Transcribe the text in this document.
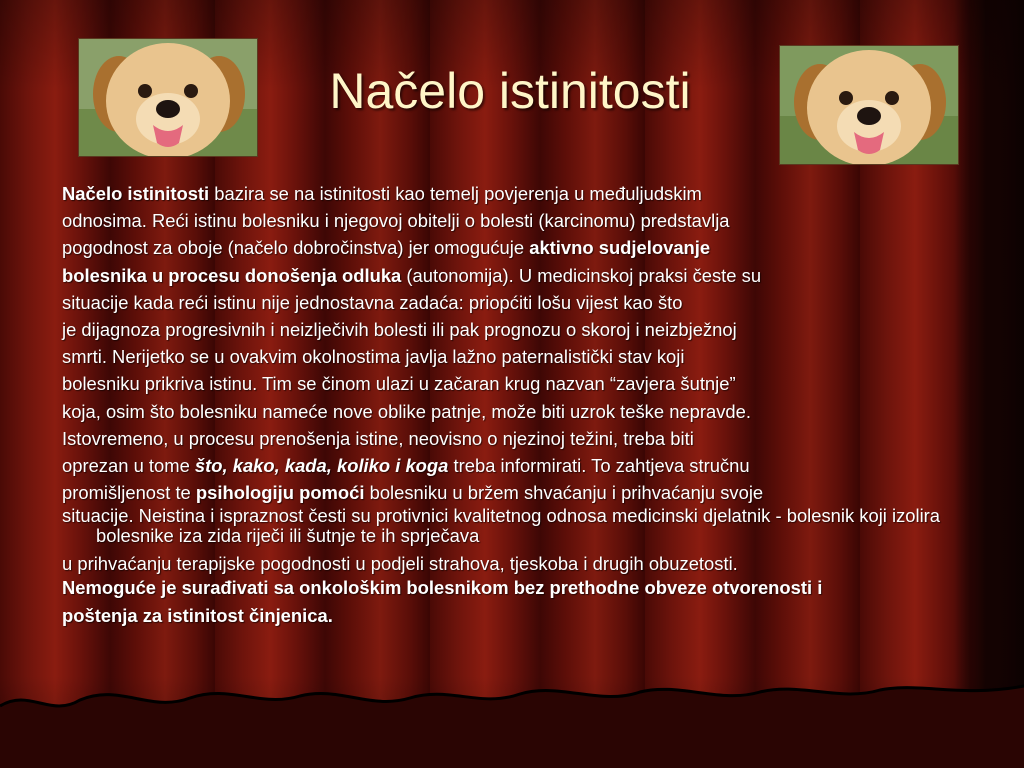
Načelo istinitosti

Načelo istinitosti bazira se na istinitosti kao temelj povjerenja u međuljudskim

odnosima. Reći istinu bolesniku i njegovoj obitelji o bolesti (karcinomu) predstavlja

pogodnost za oboje (načelo dobročinstva) jer omogućuje aktivno sudjelovanje

bolesnika u procesu donošenja odluka (autonomija). U medicinskoj praksi česte su

situacije kada reći istinu nije jednostavna zadaća: priopćiti lošu vijest kao što

je dijagnoza progresivnih i neizlječivih bolesti ili pak prognozu o skoroj i neizbježnoj

smrti. Nerijetko se u ovakvim okolnostima javlja lažno paternalistički stav koji

bolesniku prikriva istinu. Tim se činom ulazi u začaran krug nazvan “zavjera šutnje”

koja, osim što bolesniku nameće nove oblike patnje, može biti uzrok teške nepravde.

Istovremeno, u procesu prenošenja istine, neovisno o njezinoj težini, treba biti

oprezan u tome što, kako, kada, koliko i koga treba informirati. To zahtjeva stručnu

promišljenost te psihologiju pomoći bolesniku u bržem shvaćanju i prihvaćanju svoje

situacije. Neistina i ispraznost česti su protivnici kvalitetnog odnosa medicinski djelatnik - bolesnik koji izolira bolesnike iza zida riječi ili šutnje te ih sprječava

u prihvaćanju terapijske pogodnosti u podjeli strahova, tjeskoba i drugih obuzetosti.

Nemoguće je surađivati sa onkološkim bolesnikom bez prethodne obveze otvorenosti i

poštenja za istinitost činjenica.
